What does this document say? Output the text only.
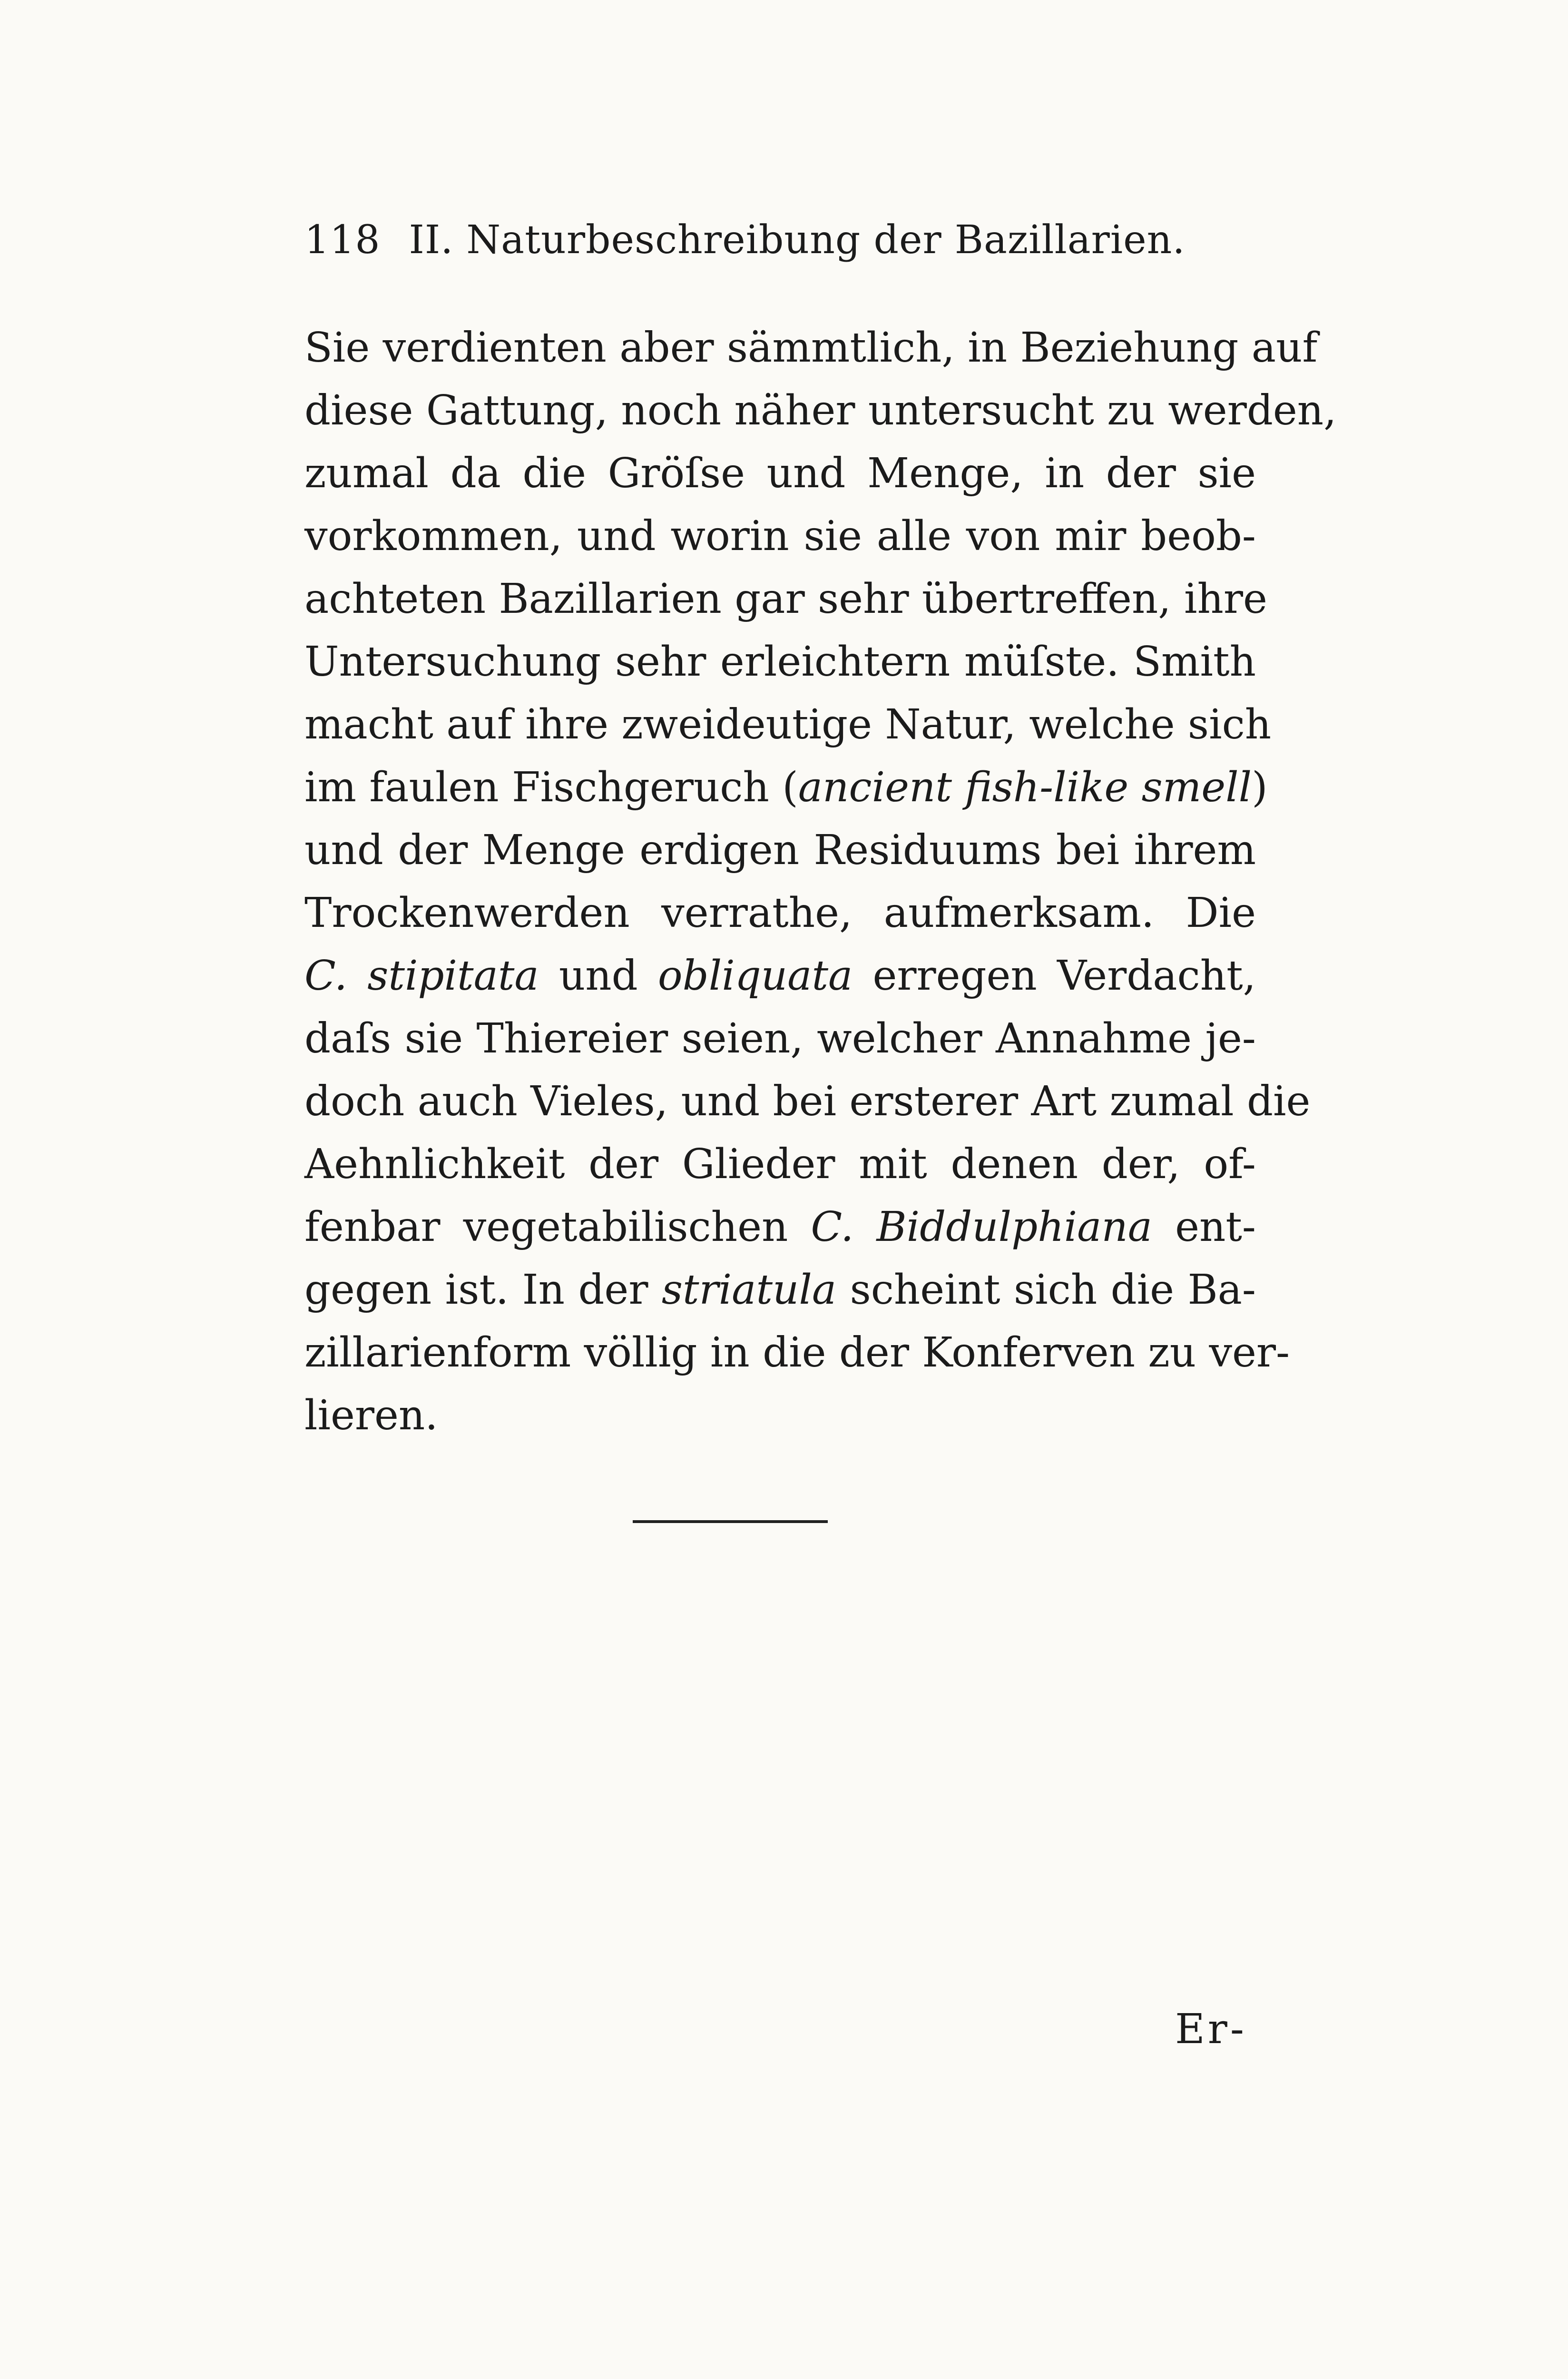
118 II. Naturbeschreibung der Bazillarien.
Sie verdienten aber sämmtlich, in Beziehung auf
diese Gattung, noch näher untersucht zu werden,
zumal da die Gröſse und Menge, in der sie
vorkommen, und worin sie alle von mir beob-
achteten Bazillarien gar sehr übertreffen, ihre
Untersuchung sehr erleichtern müſste. Smith
macht auf ihre zweideutige Natur, welche sich
im faulen Fischgeruch (ancient fish-like smell)
und der Menge erdigen Residuums bei ihrem
Trockenwerden verrathe, aufmerksam. Die
C. stipitata und obliquata erregen Verdacht,
daſs sie Thiereier seien, welcher Annahme je-
doch auch Vieles, und bei ersterer Art zumal die
Aehnlichkeit der Glieder mit denen der, of-
fenbar vegetabilischen C. Biddulphiana ent-
gegen ist. In der striatula scheint sich die Ba-
zillarienform völlig in die der Konferven zu ver-
lieren.
Er-
